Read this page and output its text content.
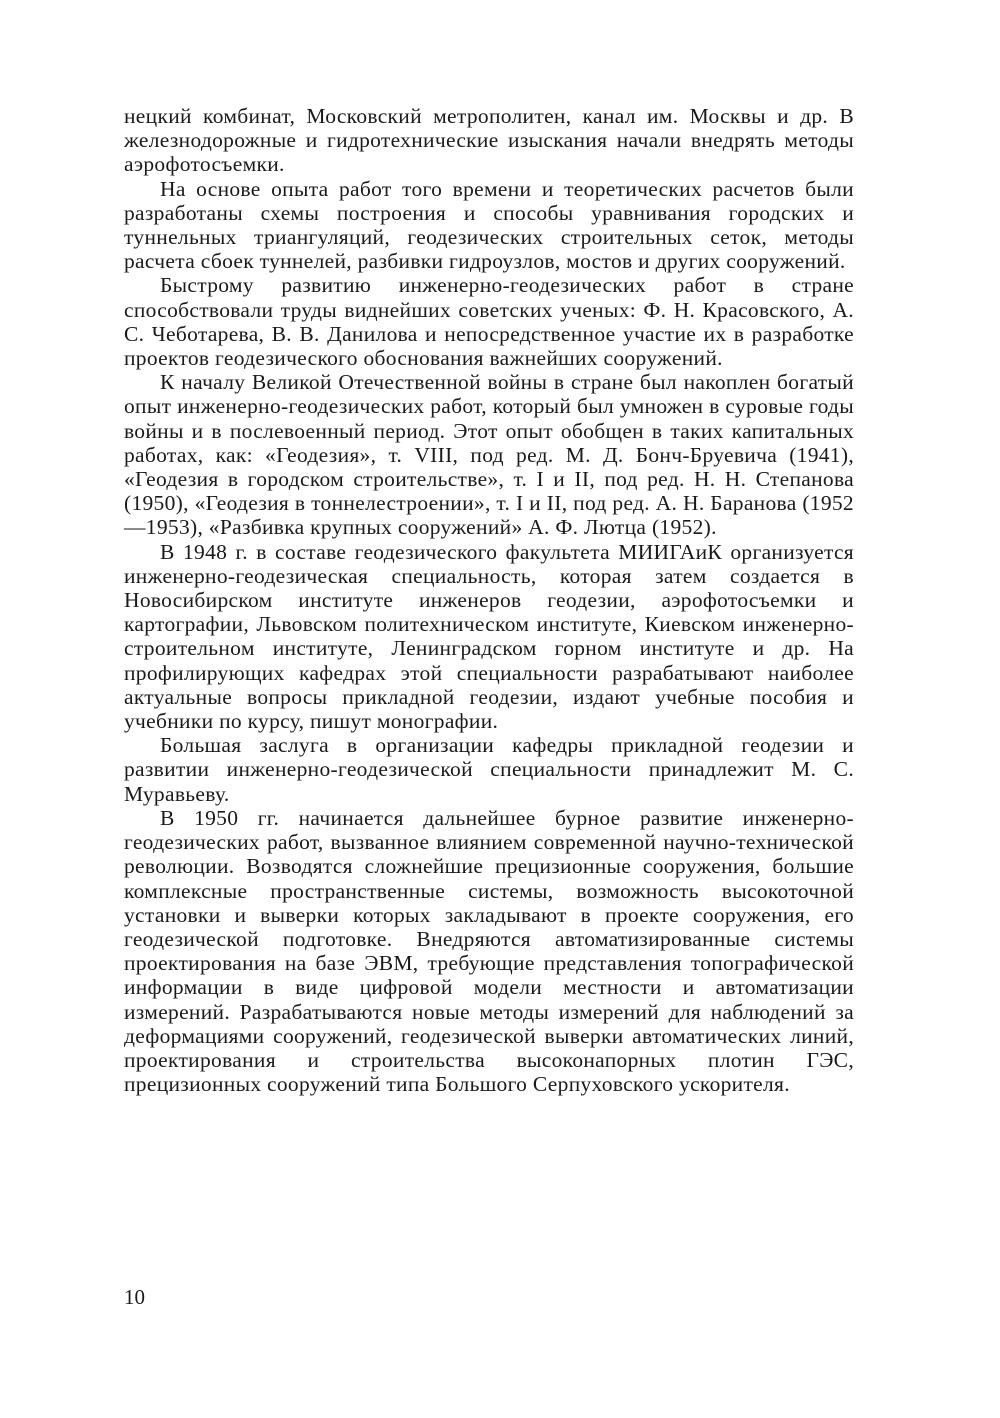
нецкий комбинат, Московский метрополитен, канал им. Москвы и др. В железнодорожные и гидротехнические изыскания начали внедрять методы аэрофотосъемки.

На основе опыта работ того времени и теоретических расчетов были разработаны схемы построения и способы уравнивания городских и туннельных триангуляций, геодезических строительных сеток, методы расчета сбоек туннелей, разбивки гидроузлов, мостов и других сооружений.

Быстрому развитию инженерно-геодезических работ в стране способствовали труды виднейших советских ученых: Ф. Н. Красовского, А. С. Чеботарева, В. В. Данилова и непосредственное участие их в разработке проектов геодезического обоснования важнейших сооружений.

К началу Великой Отечественной войны в стране был накоплен богатый опыт инженерно-геодезических работ, который был умножен в суровые годы войны и в послевоенный период. Этот опыт обобщен в таких капитальных работах, как: «Геодезия», т. VIII, под ред. М. Д. Бонч-Бруевича (1941), «Геодезия в городском строительстве», т. I и II, под ред. Н. Н. Степанова (1950), «Геодезия в тоннелестроении», т. I и II, под ред. А. Н. Баранова (1952—1953), «Разбивка крупных сооружений» А. Ф. Лютца (1952).

В 1948 г. в составе геодезического факультета МИИГАиК организуется инженерно-геодезическая специальность, которая затем создается в Новосибирском институте инженеров геодезии, аэрофотосъемки и картографии, Львовском политехническом институте, Киевском инженерно-строительном институте, Ленинградском горном институте и др. На профилирующих кафедрах этой специальности разрабатывают наиболее актуальные вопросы прикладной геодезии, издают учебные пособия и учебники по курсу, пишут монографии.

Большая заслуга в организации кафедры прикладной геодезии и развитии инженерно-геодезической специальности принадлежит М. С. Муравьеву.

В 1950 гг. начинается дальнейшее бурное развитие инженерно-геодезических работ, вызванное влиянием современной научно-технической революции. Возводятся сложнейшие прецизионные сооружения, большие комплексные пространственные системы, возможность высокоточной установки и выверки которых закладывают в проекте сооружения, его геодезической подготовке. Внедряются автоматизированные системы проектирования на базе ЭВМ, требующие представления топографической информации в виде цифровой модели местности и автоматизации измерений. Разрабатываются новые методы измерений для наблюдений за деформациями сооружений, геодезической выверки автоматических линий, проектирования и строительства высоконапорных плотин ГЭС, прецизионных сооружений типа Большого Серпуховского ускорителя.

10
